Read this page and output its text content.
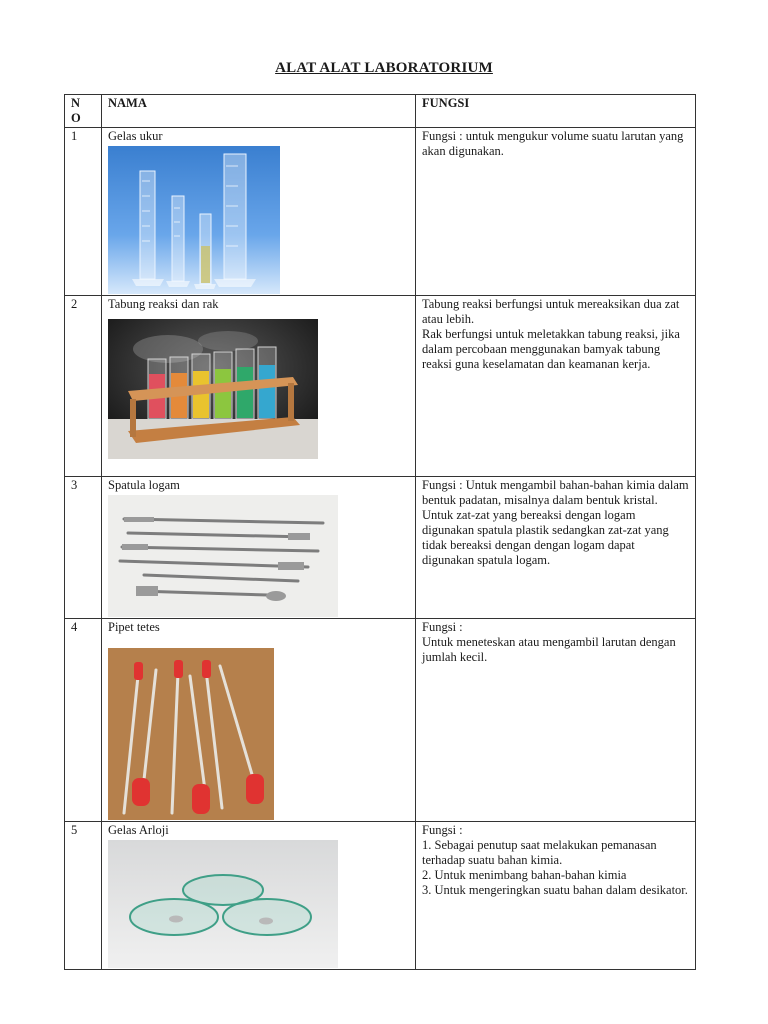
ALAT ALAT LABORATORIUM
NO	NAMA	FUNGSI
1	Gelas ukur	Fungsi : untuk mengukur volume suatu larutan yang akan digunakan.

2	Tabung reaksi dan rak	Tabung reaksi berfungsi untuk mereaksikan dua zat atau lebih.
Rak berfungsi untuk meletakkan tabung reaksi, jika dalam percobaan menggunakan bamyak tabung reaksi guna keselamatan dan keamanan kerja.

3	Spatula logam	Fungsi : Untuk mengambil bahan-bahan kimia dalam bentuk padatan, misalnya dalam bentuk kristal. Untuk zat-zat yang bereaksi dengan logam digunakan spatula plastik sedangkan zat-zat yang tidak bereaksi dengan dengan logam dapat digunakan spatula logam.

4	Pipet tetes	Fungsi :
Untuk meneteskan atau mengambil larutan dengan jumlah kecil.

5	Gelas Arloji	Fungsi :
1. Sebagai penutup saat melakukan pemanasan terhadap suatu bahan kimia.
2. Untuk menimbang bahan-bahan kimia
3. Untuk mengeringkan suatu bahan dalam desikator.
